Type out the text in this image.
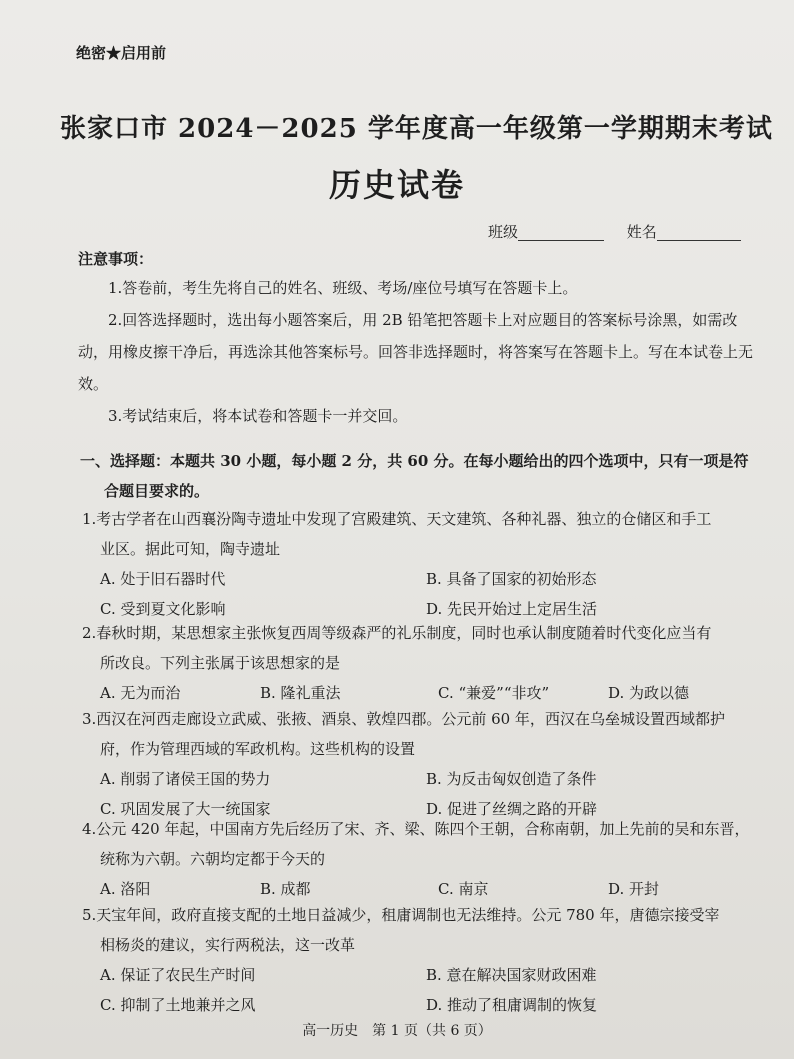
绝密★启用前
张家口市 2024－2025 学年度高一年级第一学期期末考试
历史试卷
班级	姓名
注意事项：

1.答卷前，考生先将自己的姓名、班级、考场/座位号填写在答题卡上。

2.回答选择题时，选出每小题答案后，用 2B 铅笔把答题卡上对应题目的答案标号涂黑，如需改动，用橡皮擦干净后，再选涂其他答案标号。回答非选择题时，将答案写在答题卡上。写在本试卷上无效。

3.考试结束后，将本试卷和答题卡一并交回。

一、选择题：本题共 30 小题，每小题 2 分，共 60 分。在每小题给出的四个选项中，只有一项是符
合题目要求的。
1.考古学者在山西襄汾陶寺遗址中发现了宫殿建筑、天文建筑、各种礼器、独立的仓储区和手工
业区。据此可知，陶寺遗址
A. 处于旧石器时代	B. 具备了国家的初始形态
C. 受到夏文化影响	D. 先民开始过上定居生活
2.春秋时期，某思想家主张恢复西周等级森严的礼乐制度，同时也承认制度随着时代变化应当有
所改良。下列主张属于该思想家的是
A. 无为而治	B. 隆礼重法	C. “兼爱”“非攻”	D. 为政以德
3.西汉在河西走廊设立武威、张掖、酒泉、敦煌四郡。公元前 60 年，西汉在乌垒城设置西域都护
府，作为管理西域的军政机构。这些机构的设置
A. 削弱了诸侯王国的势力	B. 为反击匈奴创造了条件
C. 巩固发展了大一统国家	D. 促进了丝绸之路的开辟
4.公元 420 年起，中国南方先后经历了宋、齐、梁、陈四个王朝，合称南朝，加上先前的吴和东晋，
统称为六朝。六朝均定都于今天的
A. 洛阳	B. 成都	C. 南京	D. 开封
5.天宝年间，政府直接支配的土地日益减少，租庸调制也无法维持。公元 780 年，唐德宗接受宰
相杨炎的建议，实行两税法，这一改革
A. 保证了农民生产时间	B. 意在解决国家财政困难
C. 抑制了土地兼并之风	D. 推动了租庸调制的恢复
高一历史　第 1 页（共 6 页）
